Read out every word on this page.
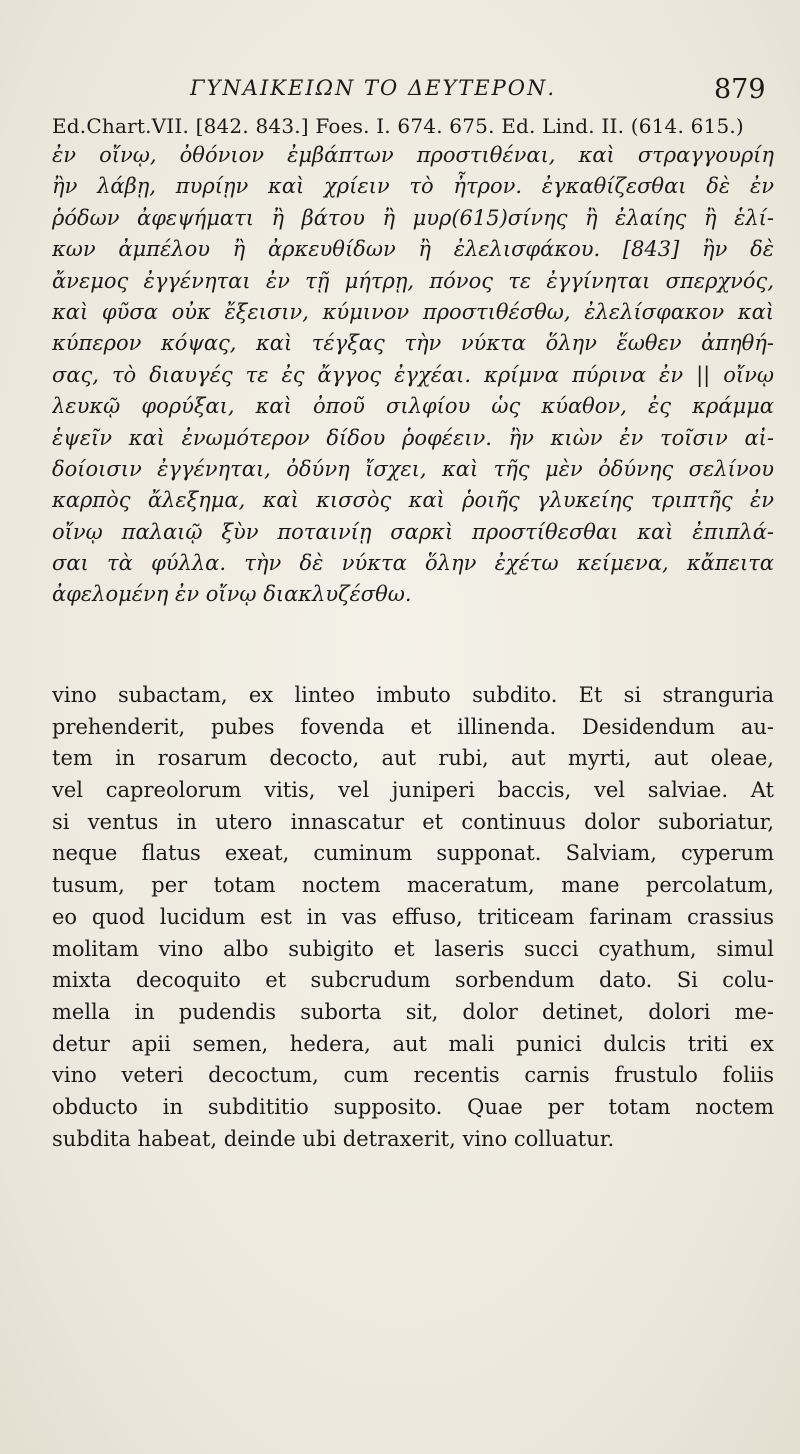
ΓΥΝΑΙΚΕΙΩΝ ΤΟ ΔΕΥΤΕΡΟΝ.	879
Ed.Chart.VII. [842. 843.] Foes. I. 674. 675. Ed. Lind. II. (614. 615.)
ἐν οἴνῳ, ὀθόνιον ἐμβάπτων προστιθέναι, καὶ στραγγουρίη
ἢν λάβῃ, πυρίῃν καὶ χρίειν τὸ ἦτρον. ἐγκαθίζεσθαι δὲ ἐν
ῥόδων ἀφεψήματι ἢ βάτου ἢ μυρ(615)σίνης ἢ ἐλαίης ἢ ἑλί-
κων ἀμπέλου ἢ ἀρκευθίδων ἢ ἐλελισφάκου. [843] ἢν δὲ
ἄνεμος ἐγγένηται ἐν τῇ μήτρῃ, πόνος τε ἐγγίνηται σπερχνός,
καὶ φῦσα οὐκ ἔξεισιν, κύμινον προστιθέσθω, ἐλελίσφακον καὶ
κύπερον κόψας, καὶ τέγξας τὴν νύκτα ὅλην ἕωθεν ἀπηθή-
σας, τὸ διαυγές τε ἐς ἄγγος ἐγχέαι. κρίμνα πύρινα ἐν || οἴνῳ
λευκῷ φορύξαι, καὶ ὀποῦ σιλφίου ὡς κύαθον, ἐς κράμμα
ἑψεῖν καὶ ἐνωμότερον δίδου ῥοφέειν. ἢν κιὼν ἐν τοῖσιν αἰ-
δοίοισιν ἐγγένηται, ὀδύνη ἴσχει, καὶ τῆς μὲν ὀδύνης σελίνου
καρπὸς ἄλεξημα, καὶ κισσὸς καὶ ῥοιῆς γλυκείης τριπτῆς ἐν
οἴνῳ παλαιῷ ξὺν ποταινίῃ σαρκὶ προστίθεσθαι καὶ ἐπιπλά-
σαι τὰ φύλλα. τὴν δὲ νύκτα ὅλην ἐχέτω κείμενα, κἄπειτα
ἀφελομένη ἐν οἴνῳ διακλυζέσθω.
vino subactam, ex linteo imbuto subdito. Et si stranguria
prehenderit, pubes fovenda et illinenda. Desidendum au-
tem in rosarum decocto, aut rubi, aut myrti, aut oleae,
vel capreolorum vitis, vel juniperi baccis, vel salviae. At
si ventus in utero innascatur et continuus dolor suboriatur,
neque flatus exeat, cuminum supponat. Salviam, cyperum
tusum, per totam noctem maceratum, mane percolatum,
eo quod lucidum est in vas effuso, triticeam farinam crassius
molitam vino albo subigito et laseris succi cyathum, simul
mixta decoquito et subcrudum sorbendum dato. Si colu-
mella in pudendis suborta sit, dolor detinet, dolori me-
detur apii semen, hedera, aut mali punici dulcis triti ex
vino veteri decoctum, cum recentis carnis frustulo foliis
obducto in subdititio supposito. Quae per totam noctem
subdita habeat, deinde ubi detraxerit, vino colluatur.
